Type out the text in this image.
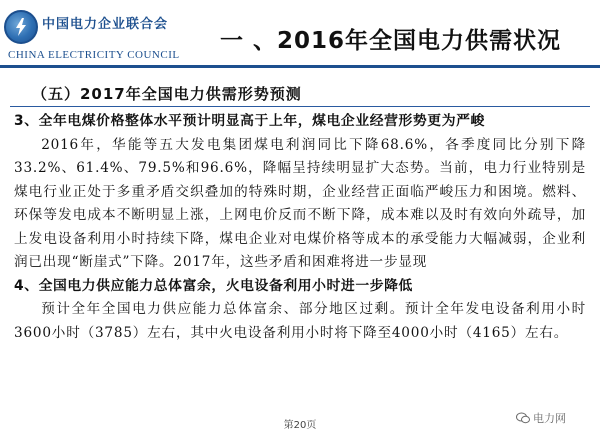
中国电力企业联合会
CHINA ELECTRICITY COUNCIL
一 、2016年全国电力供需状况
（五）2017年全国电力供需形势预测

3、全年电煤价格整体水平预计明显高于上年，煤电企业经营形势更为严峻

2016年，华能等五大发电集团煤电利润同比下降68.6%，各季度同比分别下降33.2%、61.4%、79.5%和96.6%，降幅呈持续明显扩大态势。当前，电力行业特别是煤电行业正处于多重矛盾交织叠加的特殊时期，企业经营正面临严峻压力和困境。燃料、环保等发电成本不断明显上涨，上网电价反而不断下降，成本难以及时有效向外疏导，加上发电设备利用小时持续下降，煤电企业对电煤价格等成本的承受能力大幅减弱，企业利润已出现“断崖式”下降。2017年，这些矛盾和困难将进一步显现

4、全国电力供应能力总体富余，火电设备利用小时进一步降低

预计全年全国电力供应能力总体富余、部分地区过剩。预计全年发电设备利用小时3600小时（3785）左右，其中火电设备利用小时将下降至4000小时（4165）左右。

第20页
电力网
